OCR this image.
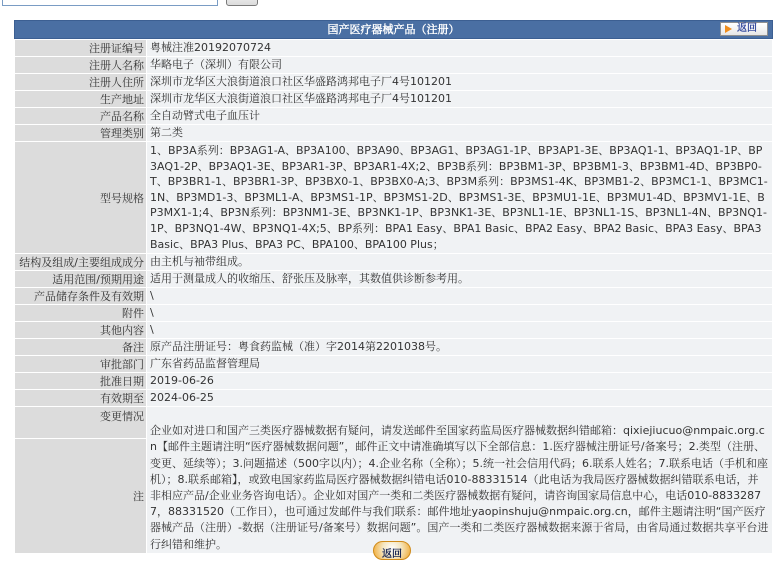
国产医疗器械产品（注册）	返回
注册证编号	粤械注准20192070724
注册人名称	华略电子（深圳）有限公司
注册人住所	深圳市龙华区大浪街道浪口社区华盛路鸿邦电子厂4号101201
生产地址	深圳市龙华区大浪街道浪口社区华盛路鸿邦电子厂4号101201
产品名称	全自动臂式电子血压计
管理类别	第二类
型号规格	1、BP3A系列：BP3AG1-A、BP3A100、BP3A90、BP3AG1、BP3AG1-1P、BP3AP1-3E、BP3AQ1-1、BP3AQ1-1P、BP3AQ1-2P、BP3AQ1-3E、BP3AR1-3P、BP3AR1-4X;2、BP3B系列：BP3BM1-3P、BP3BM1-3、BP3BM1-4D、BP3BP0-T、BP3BR1-1、BP3BR1-3P、BP3BX0-1、BP3BX0-A;3、BP3M系列：BP3MS1-4K、BP3MB1-2、BP3MC1-1、BP3MC1-1N、BP3MD1-3、BP3ML1-A、BP3MS1-1P、BP3MS1-2D、BP3MS1-3E、BP3MU1-1E、BP3MU1-4D、BP3MV1-1E、BP3MX1-1;4、BP3N系列：BP3NM1-3E、BP3NK1-1P、BP3NK1-3E、BP3NL1-1E、BP3NL1-1S、BP3NL1-4N、BP3NQ1-1P、BP3NQ1-4W、BP3NQ1-4X;5、BP系列：BPA1 Easy、BPA1 Basic、BPA2 Easy、BPA2 Basic、BPA3 Easy、BPA3 Basic、BPA3 Plus、BPA3 PC、BPA100、BPA100 Plus；
结构及组成/主要组成成分	由主机与袖带组成。
适用范围/预期用途	适用于测量成人的收缩压、舒张压及脉率，其数值供诊断参考用。
产品储存条件及有效期	\
附件	\
其他内容	\
备注	原产品注册证号：粤食药监械（准）字2014第2201038号。
审批部门	广东省药品监督管理局
批准日期	2019-06-26
有效期至	2024-06-25
变更情况	企业如对进口和国产三类医疗器械数据有疑问，请发送邮件至国家药监局医疗器械数据纠错邮箱：qixiejiucuo@nmpaic.org.cn【邮件主题请注明“医疗器械数据问题”，邮件正文中请准确填写以下全部信息：1.医疗器械注册证号/备案号；2.类型（注册、变更、延续等）；3.问题描述（500字以内）；4.企业名称（全称）；5.统一社会信用代码；6.联系人姓名；7.联系电话（手机和座机）；8.联系邮箱】，或致电国家药监局医疗器械数据纠错电话010-88331514（此电话为我局医疗器械数据纠错联系电话，并非相应产品/企业业务咨询电话）。企业如对国产一类和二类医疗器械数据有疑问，请咨询国家局信息中心，电话010-88332877，88331520（工作日），也可通过发邮件与我们联系：邮件地址yaopinshuju@nmpaic.org.cn，邮件主题请注明“国产医疗器械产品（注册）-数据（注册证号/备案号）数据问题”。国产一类和二类医疗器械数据来源于省局，由省局通过数据共享平台进行纠错和维护。

注	
返回
